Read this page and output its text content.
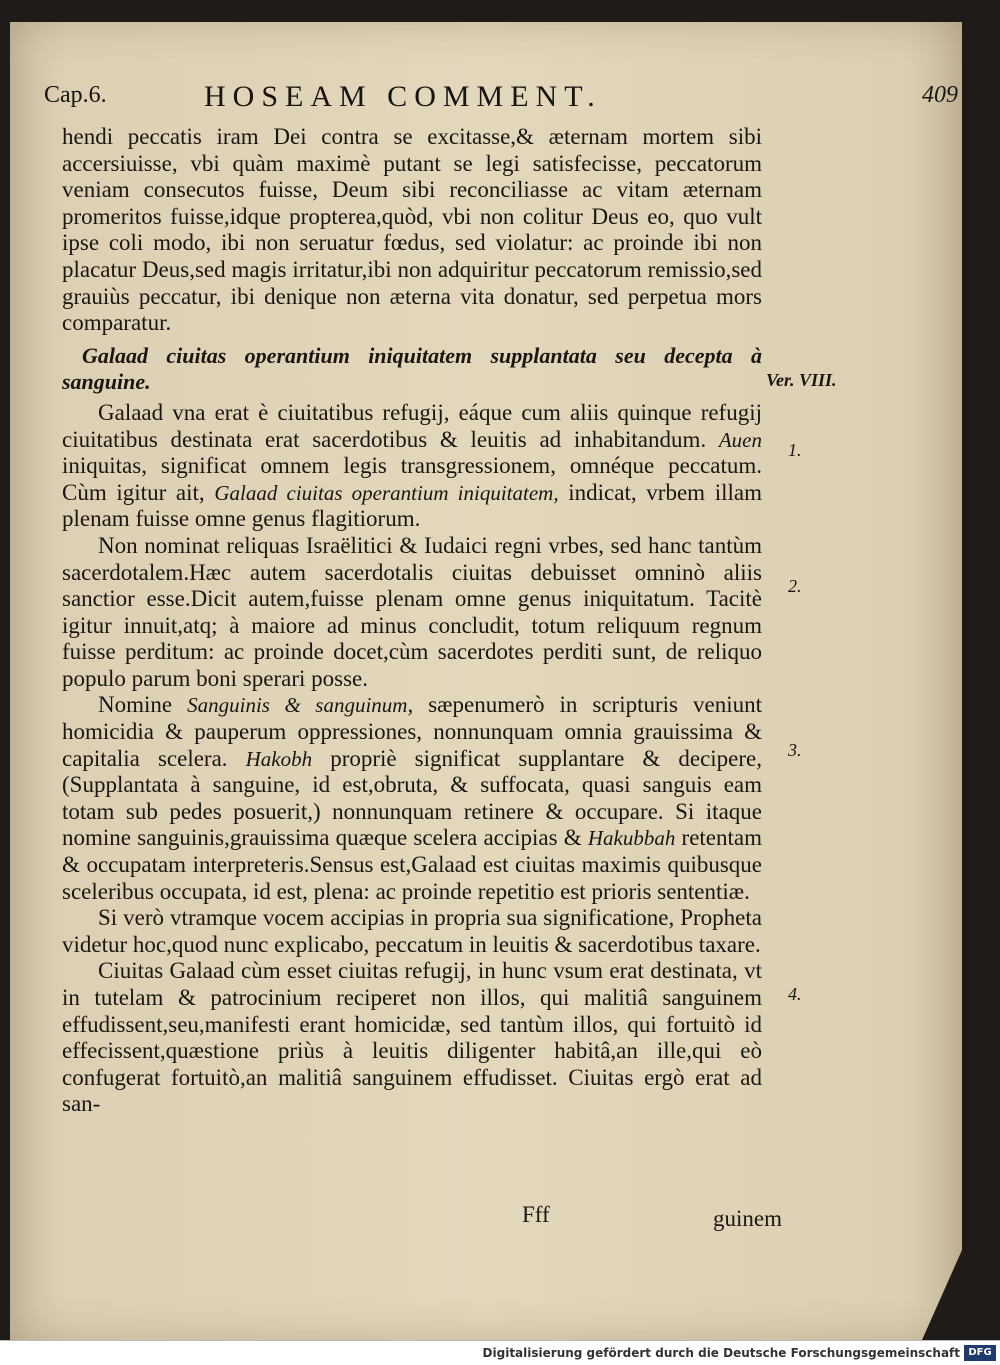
Cap.6.	HOSEAM COMMENT.	409

hendi peccatis iram Dei contra se excitasse,& æternam mortem sibi accersiuisse, vbi quàm maximè putant se legi satisfecisse, peccatorum veniam consecutos fuisse, Deum sibi reconciliasse ac vitam æternam promeritos fuisse,idque propterea,quòd, vbi non colitur Deus eo, quo vult ipse coli modo, ibi non seruatur fœdus, sed violatur: ac proinde ibi non placatur Deus,sed magis irritatur,ibi non adquiritur peccatorum remissio,sed grauiùs peccatur, ibi denique non æterna vita donatur, sed perpetua mors comparatur.

Galaad ciuitas operantium iniquitatem supplantata seu decepta à sanguine.

Galaad vna erat è ciuitatibus refugij, eáque cum aliis quinque refugij ciuitatibus destinata erat sacerdotibus & leuitis ad inhabitandum. Auen iniquitas, significat omnem legis transgressionem, omnéque peccatum. Cùm igitur ait, Galaad ciuitas operantium iniquitatem, indicat, vrbem illam plenam fuisse omne genus flagitiorum.

Non nominat reliquas Israëlitici & Iudaici regni vrbes, sed hanc tantùm sacerdotalem.Hæc autem sacerdotalis ciuitas debuisset omninò aliis sanctior esse.Dicit autem,fuisse plenam omne genus iniquitatum. Tacitè igitur innuit,atq; à maiore ad minus concludit, totum reliquum regnum fuisse perditum: ac proinde docet,cùm sacerdotes perditi sunt, de reliquo populo parum boni sperari posse.

Nomine Sanguinis & sanguinum, sæpenumerò in scripturis veniunt homicidia & pauperum oppressiones, nonnunquam omnia grauissima & capitalia scelera. Hakobh propriè significat supplantare & decipere,(Supplantata à sanguine, id est,obruta, & suffocata, quasi sanguis eam totam sub pedes posuerit,) nonnunquam retinere & occupare. Si itaque nomine sanguinis,grauissima quæque scelera accipias & Hakubbah retentam & occupatam interpreteris.Sensus est,Galaad est ciuitas maximis quibusque sceleribus occupata, id est, plena: ac proinde repetitio est prioris sententiæ.

Si verò vtramque vocem accipias in propria sua significatione, Propheta videtur hoc,quod nunc explicabo, peccatum in leuitis & sacerdotibus taxare.

Ciuitas Galaad cùm esset ciuitas refugij, in hunc vsum erat destinata, vt in tutelam & patrocinium reciperet non illos, qui malitiâ sanguinem effudissent,seu,manifesti erant homicidæ, sed tantùm illos, qui fortuitò id effecissent,quæstione priùs à leuitis diligenter habitâ,an ille,qui eò confugerat fortuitò,an malitiâ sanguinem effudisset. Ciuitas ergò erat ad san-

Ver. VIII.
1.
2.
3.
4.
Fff	guinem
Digitalisierung gefördert durch die Deutsche Forschungsgemeinschaft DFG
